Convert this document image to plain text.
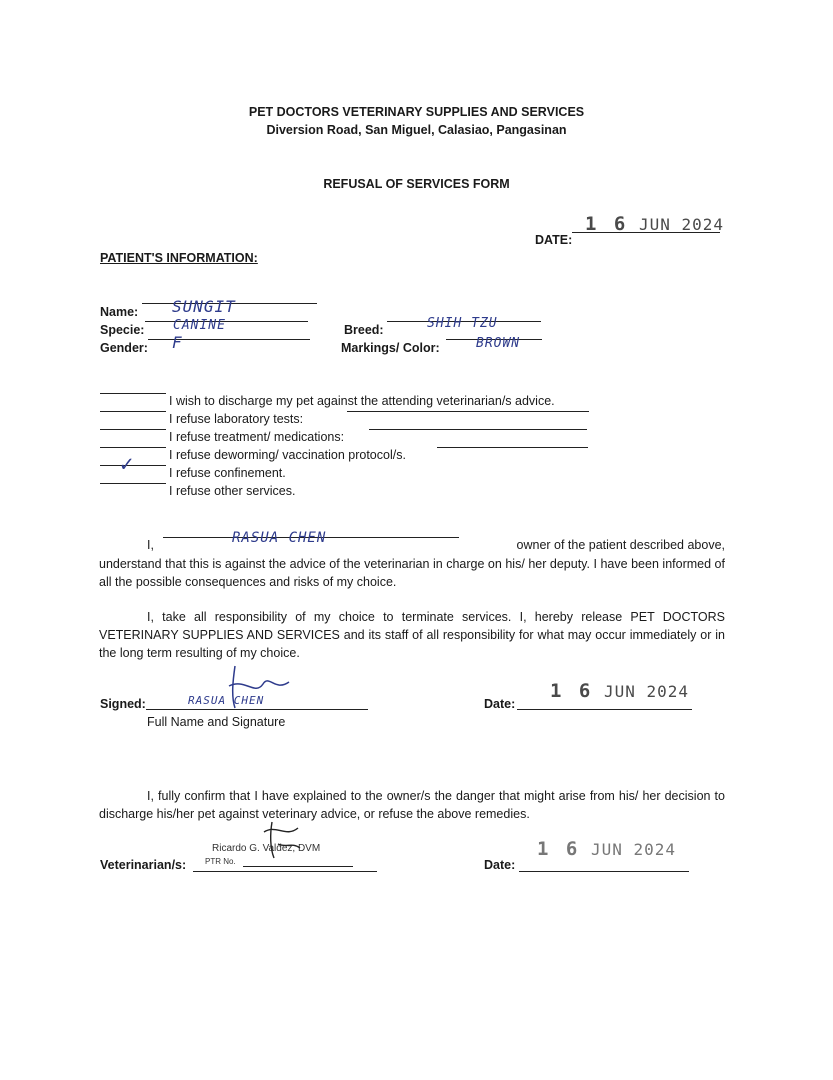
PET DOCTORS VETERINARY SUPPLIES AND SERVICES
Diversion Road, San Miguel, Calasiao, Pangasinan
REFUSAL OF SERVICES FORM
DATE:
1 6 JUN 2024
PATIENT'S INFORMATION:
Name: SUNGIT
Specie: CANINE
Gender: F
Breed:	SHIH TZU
Markings/ Color:	BROWN
I wish to discharge my pet against the attending veterinarian/s advice.
I refuse laboratory tests:
I refuse treatment/ medications:
I refuse deworming/ vaccination protocol/s.
I refuse confinement.
✓
I refuse other services.
I,	RASUA CHEN	owner of the patient described above,
understand that this is against the advice of the veterinarian in charge on his/ her deputy. I have been informed of all the possible consequences and risks of my choice.
I, take all responsibility of my choice to terminate services. I, hereby release PET DOCTORS VETERINARY SUPPLIES AND SERVICES and its staff of all responsibility for what may occur immediately or in the long term resulting of my choice.
Signed:	RASUA CHEN
Full Name and Signature
Date:
1 6 JUN 2024
I, fully confirm that I have explained to the owner/s the danger that might arise from his/ her decision to discharge his/her pet against veterinary advice, or refuse the above remedies.
Veterinarian/s:
Ricardo G. Valdez, DVM
PTR No.	Date:
1 6 JUN 2024
